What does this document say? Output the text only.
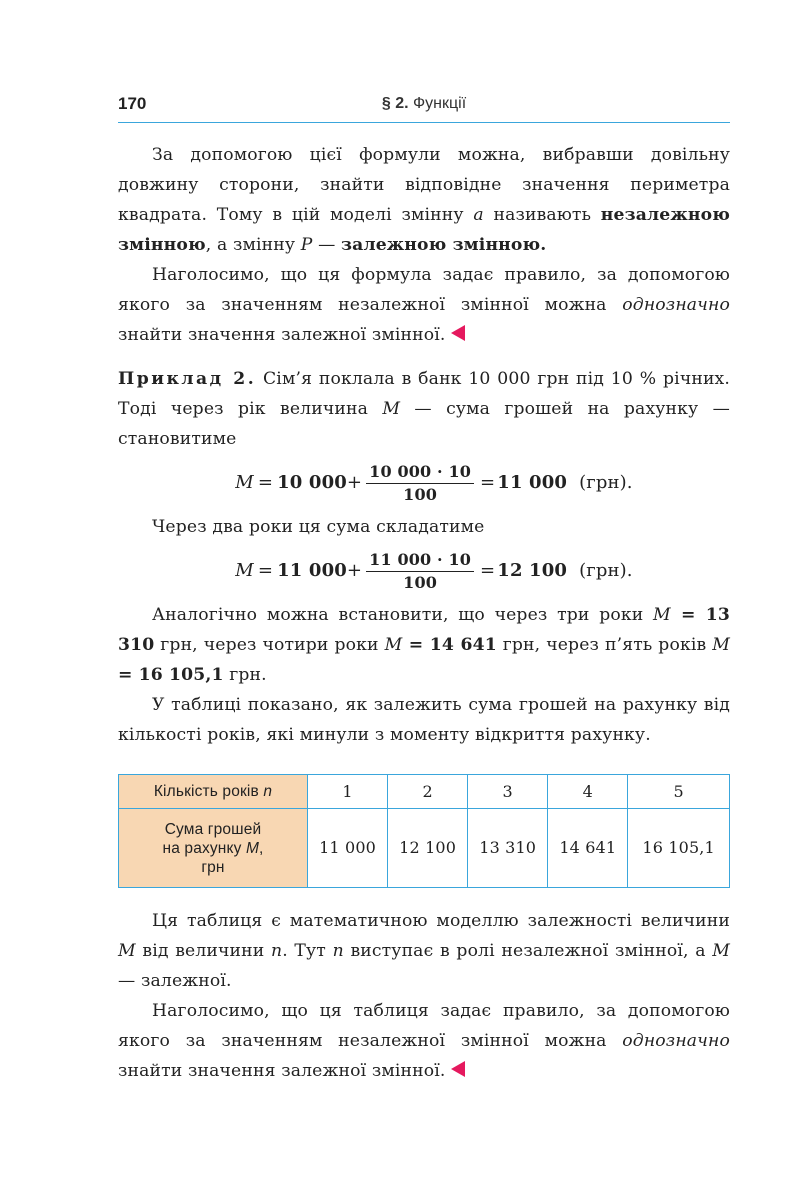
170	§ 2. Функції

За допомогою цієї формули можна, вибравши довільну довжину сторони, знайти відповідне значення периметра квадрата. Тому в цій моделі змінну a називають незалежною змінною, а змінну P — залежною змінною.

Наголосимо, що ця формула задає правило, за допомогою якого за значенням незалежної змінної можна однозначно знайти значення залежної змінної.

Приклад 2. Сім’я поклала в банк 10 000 грн під 10 % річних. Тоді через рік величина M — сума грошей на рахунку — становитиме

M = 10 $000 + \frac{10 000 \cdot 10}{100} = 11$ 000 (грн).

Через два роки ця сума складатиме

M = 11 $000 + \frac{11 000 \cdot 10}{100} = 12$ 100 (грн).

Аналогічно можна встановити, що через три роки M = 13 310 грн, через чотири роки M = 14 641 грн, через п’ять років M = 16 105,1 грн.

У таблиці показано, як залежить сума грошей на рахунку від кількості років, які минули з моменту відкриття рахунку.

Кількість років n	1	2	3	4	5
Сума грошей
на рахунку M,
грн	11 000	12 100	13 310	14 641	16 105,1

Ця таблиця є математичною моделлю залежності величини M від величини n. Тут n виступає в ролі незалежної змінної, а M — залежної.

Наголосимо, що ця таблиця задає правило, за допомогою якого за значенням незалежної змінної можна однозначно знайти значення залежної змінної.
